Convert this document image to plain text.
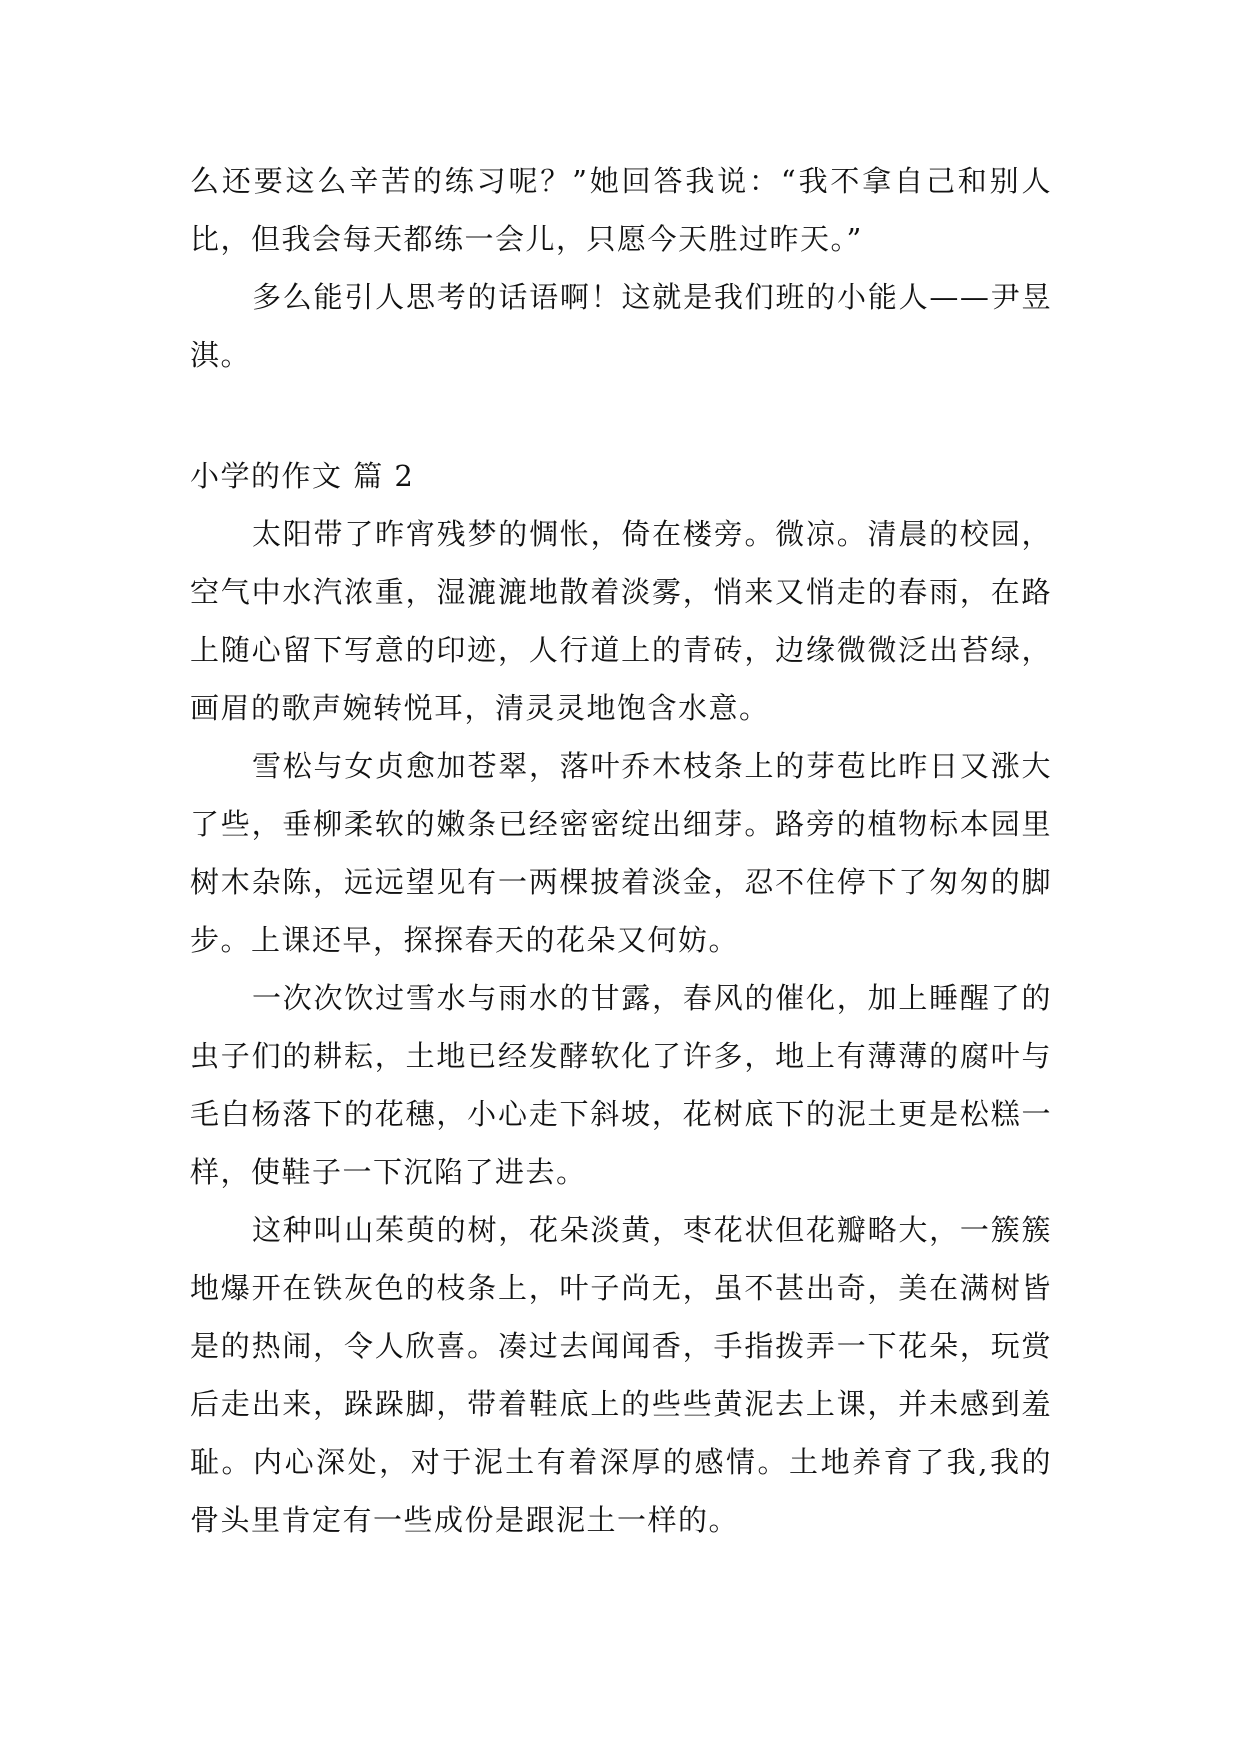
么还要这么辛苦的练习呢？”她回答我说：“我不拿自己和别人比，但我会每天都练一会儿，只愿今天胜过昨天。”

多么能引人思考的话语啊！这就是我们班的小能人——尹昱淇。

小学的作文 篇 2

太阳带了昨宵残梦的惆怅，倚在楼旁。微凉。清晨的校园，空气中水汽浓重，湿漉漉地散着淡雾，悄来又悄走的春雨，在路上随心留下写意的印迹，人行道上的青砖，边缘微微泛出苔绿，画眉的歌声婉转悦耳，清灵灵地饱含水意。

雪松与女贞愈加苍翠，落叶乔木枝条上的芽苞比昨日又涨大了些，垂柳柔软的嫩条已经密密绽出细芽。路旁的植物标本园里树木杂陈，远远望见有一两棵披着淡金，忍不住停下了匆匆的脚步。上课还早，探探春天的花朵又何妨。

一次次饮过雪水与雨水的甘露，春风的催化，加上睡醒了的虫子们的耕耘，土地已经发酵软化了许多，地上有薄薄的腐叶与毛白杨落下的花穗，小心走下斜坡，花树底下的泥土更是松糕一样，使鞋子一下沉陷了进去。

这种叫山茱萸的树，花朵淡黄，枣花状但花瓣略大，一簇簇地爆开在铁灰色的枝条上，叶子尚无，虽不甚出奇，美在满树皆是的热闹，令人欣喜。凑过去闻闻香，手指拨弄一下花朵，玩赏后走出来，跺跺脚，带着鞋底上的些些黄泥去上课，并未感到羞耻。内心深处，对于泥土有着深厚的感情。土地养育了我,我的骨头里肯定有一些成份是跟泥土一样的。
